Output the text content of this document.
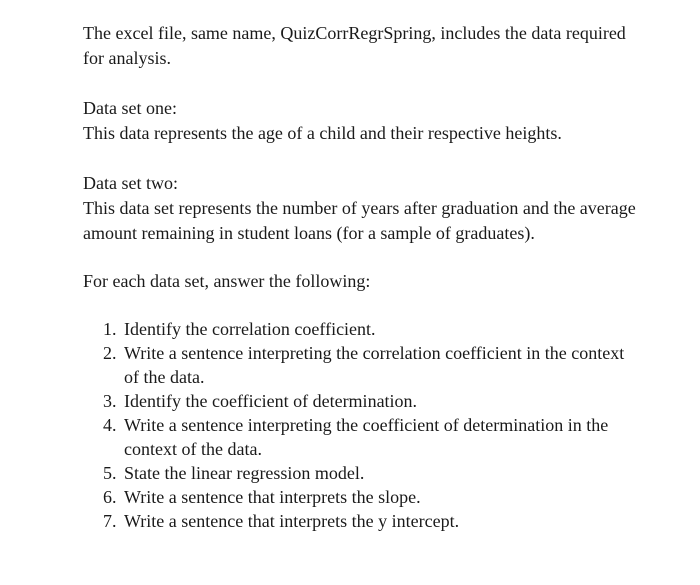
The excel file, same name, QuizCorrRegrSpring, includes the data required for analysis.

Data set one:

This data represents the age of a child and their respective heights.

Data set two:

This data set represents the number of years after graduation and the average amount remaining in student loans (for a sample of graduates).

For each data set, answer the following:

1. Identify the correlation coefficient.
2. Write a sentence interpreting the correlation coefficient in the context of the data.
3. Identify the coefficient of determination.
4. Write a sentence interpreting the coefficient of determination in the context of the data.
5. State the linear regression model.
6. Write a sentence that interprets the slope.
7. Write a sentence that interprets the y intercept.
